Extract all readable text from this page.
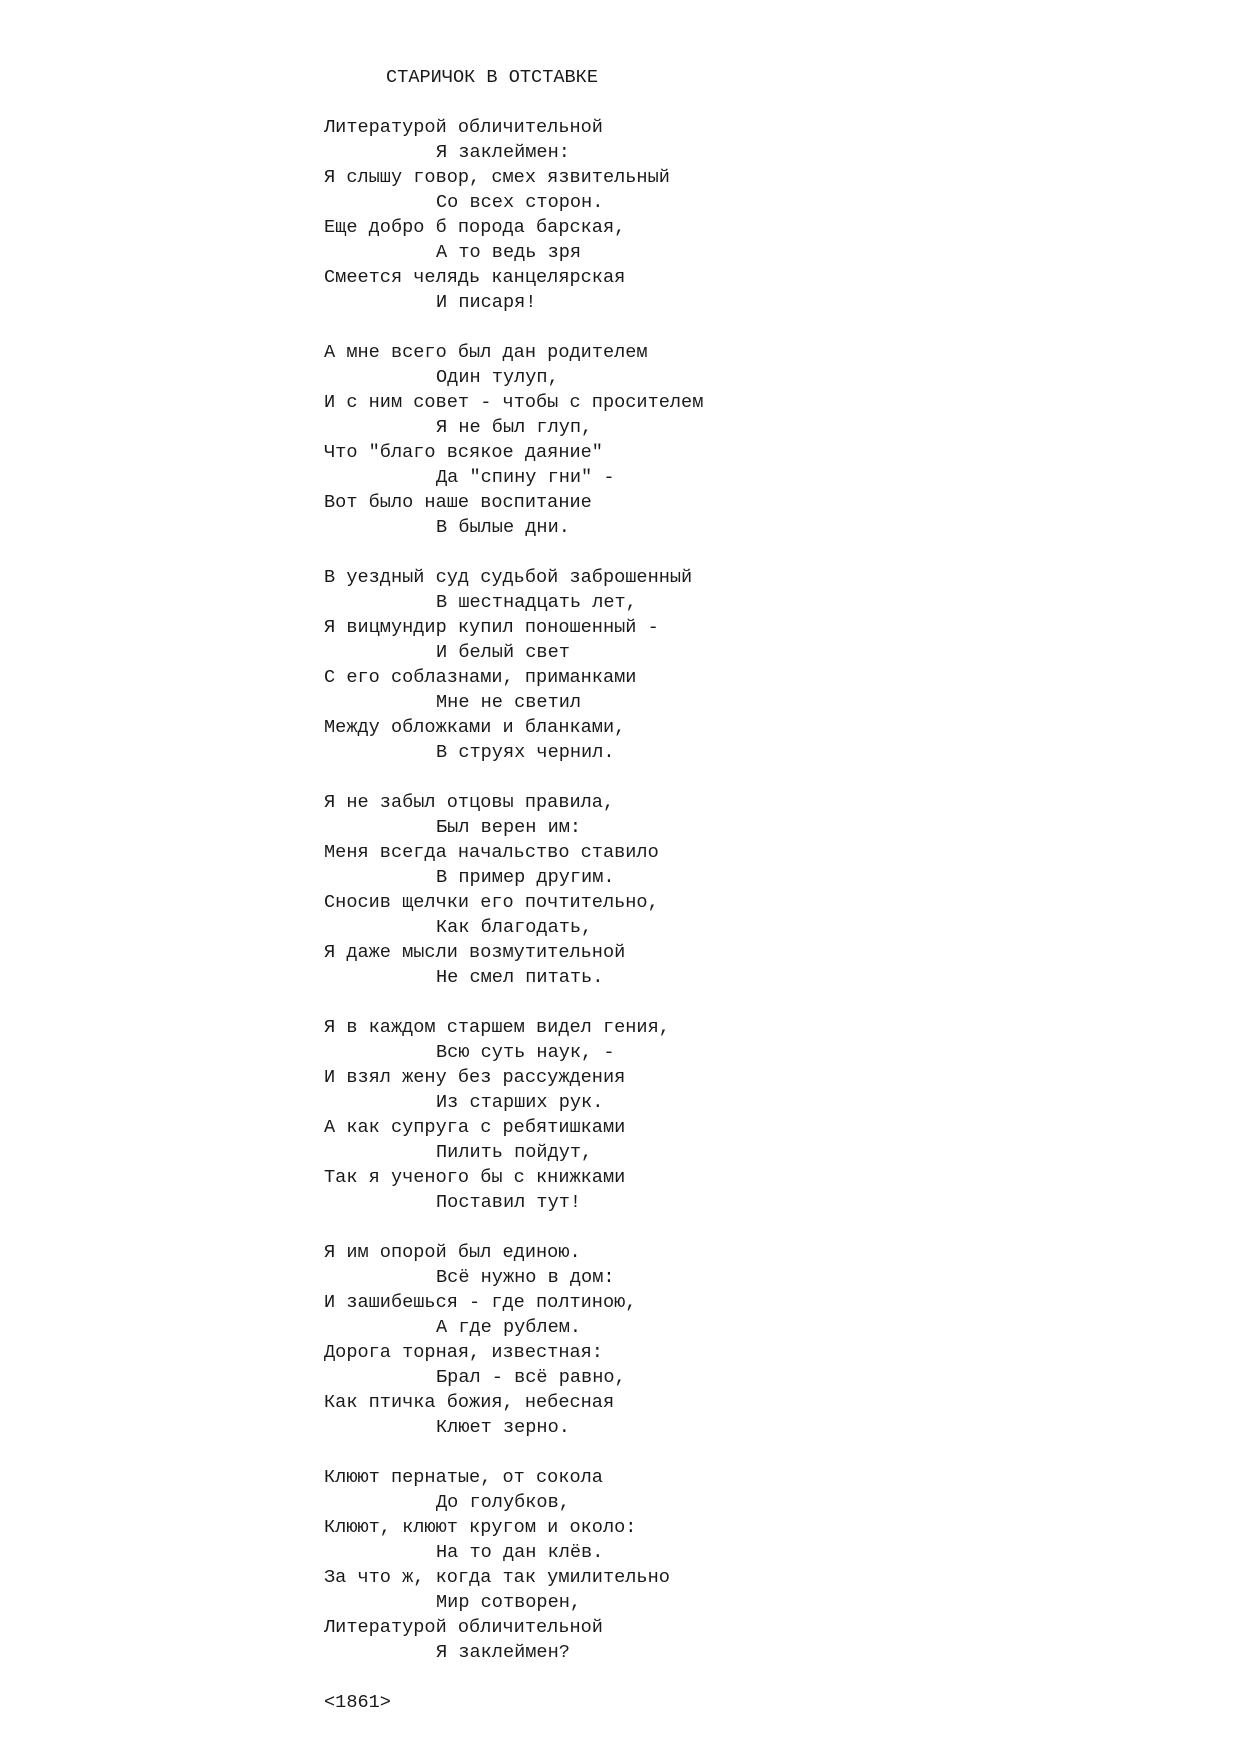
СТАРИЧОК В ОТСТАВКЕ
Литературой обличительной
Я заклеймен:
Я слышу говор, смех язвительный
Со всех сторон.
Еще добро б порода барская,
А то ведь зря
Смеется челядь канцелярская
И писаря!
А мне всего был дан родителем
Один тулуп,
И с ним совет - чтобы с просителем
Я не был глуп,
Что "благо всякое даяние"
Да "спину гни" -
Вот было наше воспитание
В былые дни.
В уездный суд судьбой заброшенный
В шестнадцать лет,
Я вицмундир купил поношенный -
И белый свет
С его соблазнами, приманками
Мне не светил
Между обложками и бланками,
В струях чернил.
Я не забыл отцовы правила,
Был верен им:
Меня всегда начальство ставило
В пример другим.
Сносив щелчки его почтительно,
Как благодать,
Я даже мысли возмутительной
Не смел питать.
Я в каждом старшем видел гения,
Всю суть наук, -
И взял жену без рассуждения
Из старших рук.
А как супруга с ребятишками
Пилить пойдут,
Так я ученого бы с книжками
Поставил тут!
Я им опорой был единою.
Всё нужно в дом:
И зашибешься - где полтиною,
А где рублем.
Дорога торная, известная:
Брал - всё равно,
Как птичка божия, небесная
Клюет зерно.
Клюют пернатые, от сокола
До голубков,
Клюют, клюют кругом и около:
На то дан клёв.
За что ж, когда так умилительно
Мир сотворен,
Литературой обличительной
Я заклеймен?
<1861>
